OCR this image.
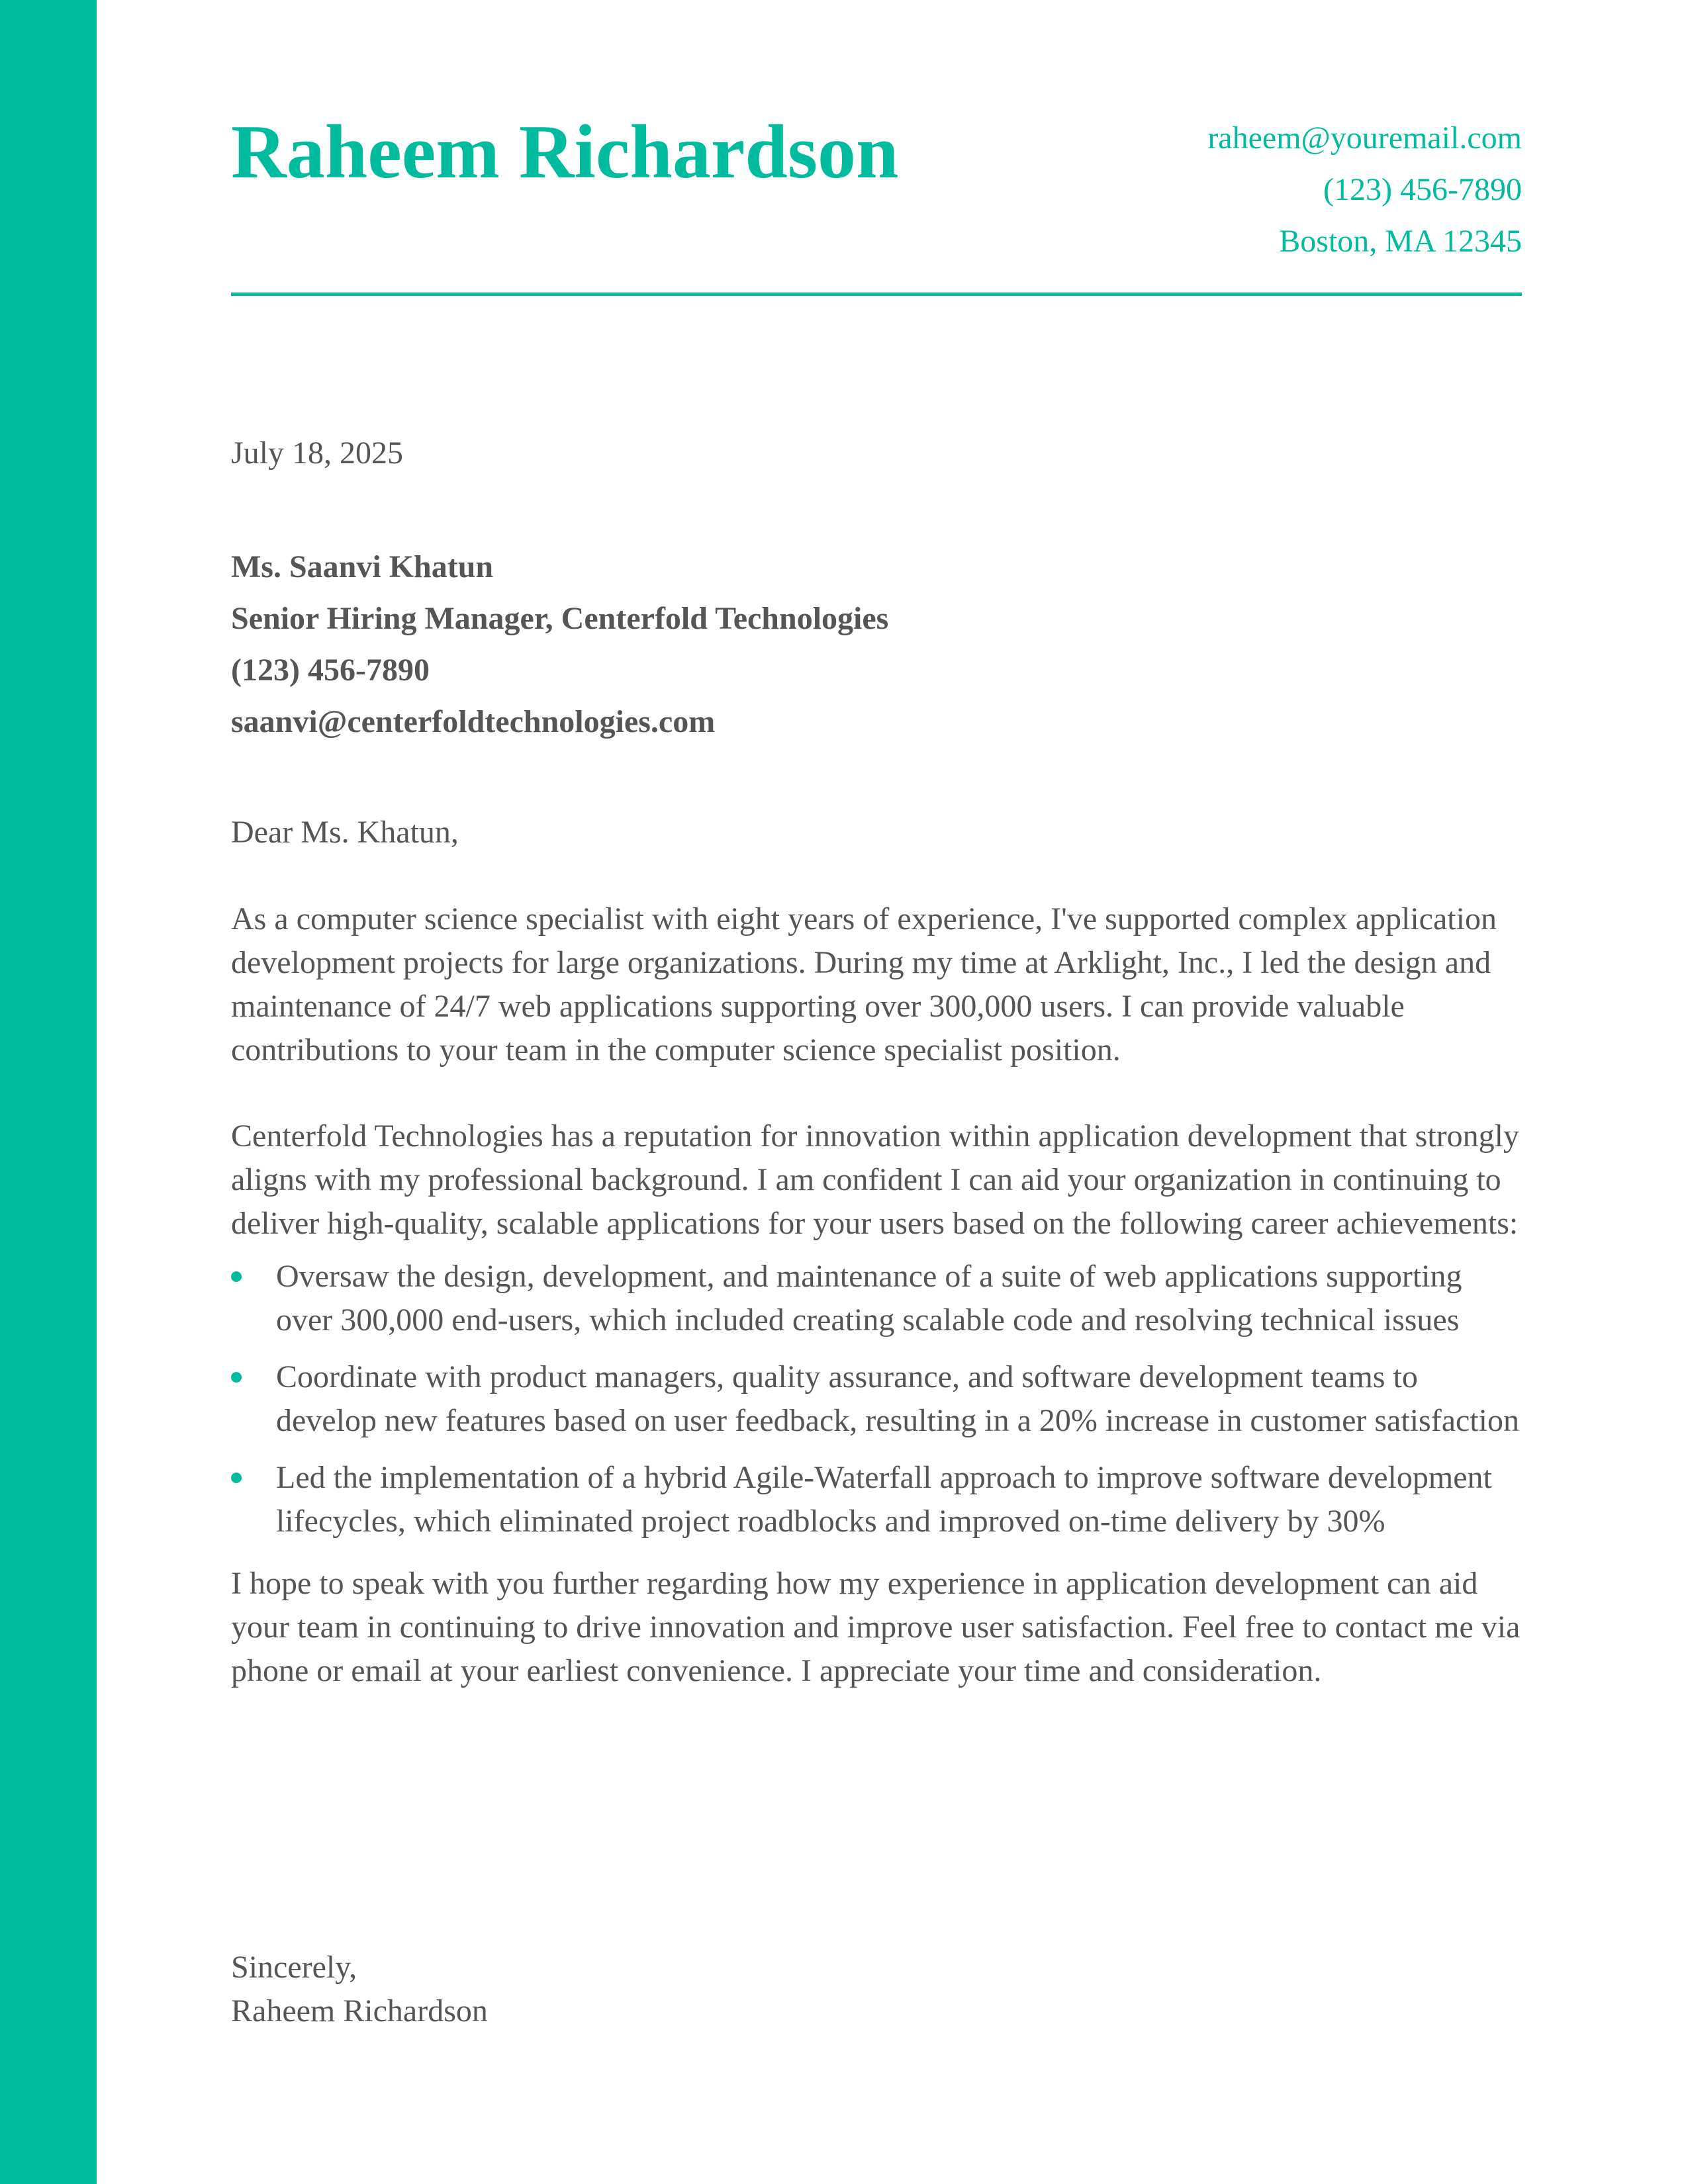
Raheem Richardson	raheem@youremail.com
(123) 456-7890
Boston, MA 12345
July 18, 2025
Ms. Saanvi Khatun
Senior Hiring Manager, Centerfold Technologies
(123) 456-7890
saanvi@centerfoldtechnologies.com
Dear Ms. Khatun,

As a computer science specialist with eight years of experience, I've supported complex application development projects for large organizations. During my time at Arklight, Inc., I led the design and maintenance of 24/7 web applications supporting over 300,000 users. I can provide valuable contributions to your team in the computer science specialist position.

Centerfold Technologies has a reputation for innovation within application development that strongly aligns with my professional background. I am confident I can aid your organization in continuing to deliver high-quality, scalable applications for your users based on the following career achievements:

Oversaw the design, development, and maintenance of a suite of web applications supporting over 300,000 end-users, which included creating scalable code and resolving technical issues
Coordinate with product managers, quality assurance, and software development teams to develop new features based on user feedback, resulting in a 20% increase in customer satisfaction
Led the implementation of a hybrid Agile-Waterfall approach to improve software development lifecycles, which eliminated project roadblocks and improved on-time delivery by 30%

I hope to speak with you further regarding how my experience in application development can aid your team in continuing to drive innovation and improve user satisfaction. Feel free to contact me via phone or email at your earliest convenience. I appreciate your time and consideration.

Sincerely,
Raheem Richardson
